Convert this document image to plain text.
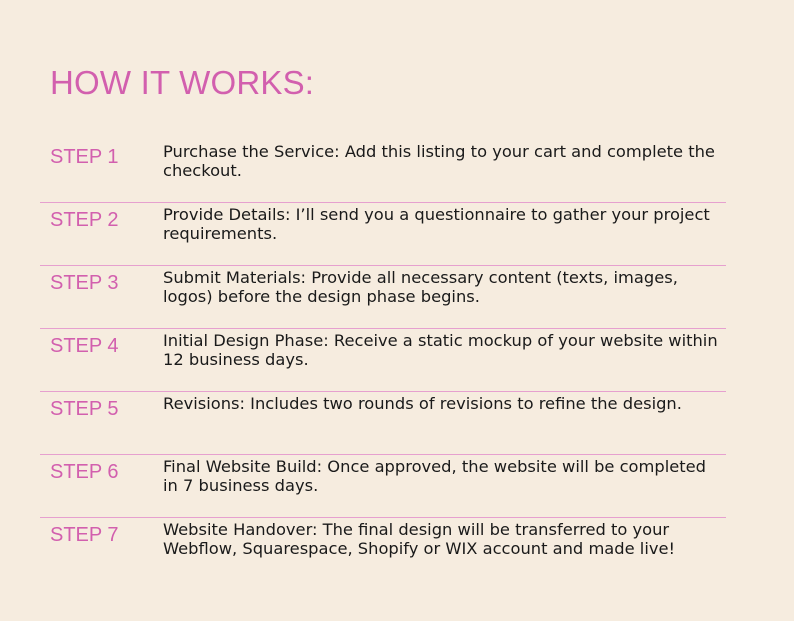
HOW IT WORKS:
STEP 1	Purchase the Service: Add this listing to your cart and complete the checkout.
STEP 2	Provide Details: I’ll send you a questionnaire to gather your project requirements.
STEP 3	Submit Materials: Provide all necessary content (texts, images, logos) before the design phase begins.
STEP 4	Initial Design Phase: Receive a static mockup of your website within 12 business days.
STEP 5	Revisions: Includes two rounds of revisions to refine the design.
STEP 6	Final Website Build: Once approved, the website will be completed in 7 business days.
STEP 7	Website Handover: The final design will be transferred to your Webflow, Squarespace, Shopify or WIX account and made live!
